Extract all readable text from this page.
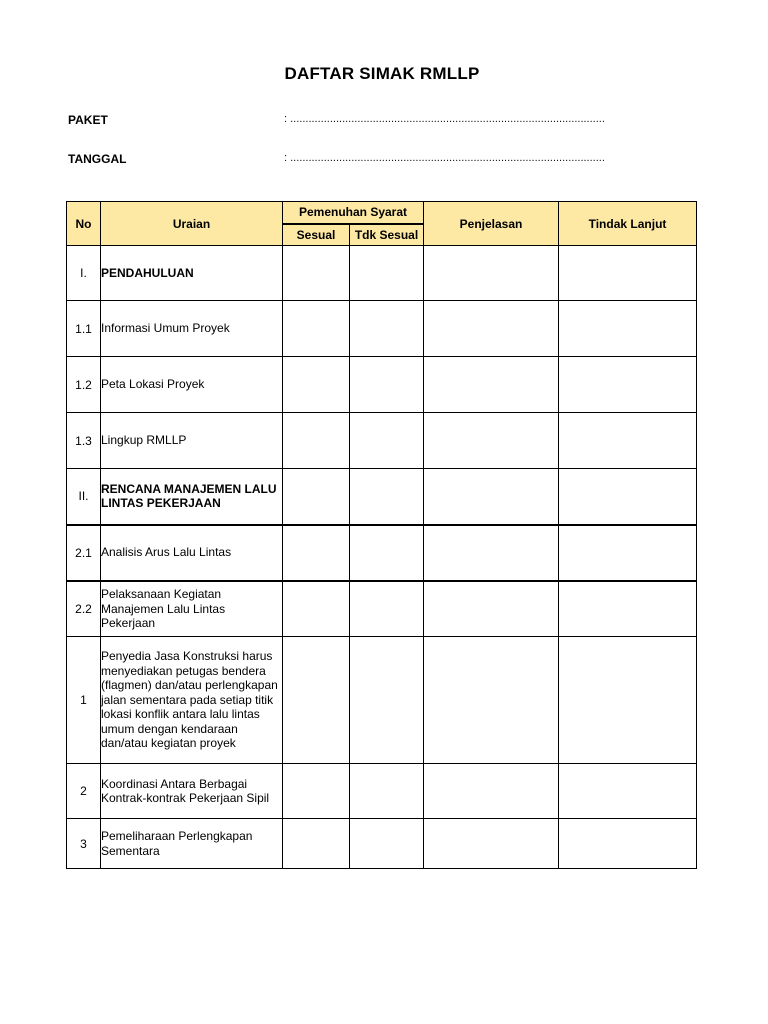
DAFTAR SIMAK RMLLP
PAKET	: .......................................................................................................
TANGGAL	: .......................................................................................................
No	Uraian	Pemenuhan Syarat		Penjelasan	Tindak Lanjut
		Sesual	Tdk Sesual		
I.	PENDAHULUAN				
1.1	Informasi Umum Proyek				
1.2	Peta Lokasi Proyek				
1.3	Lingkup RMLLP				
II.	RENCANA MANAJEMEN LALU LINTAS PEKERJAAN				
2.1	Analisis Arus Lalu Lintas				
2.2	Pelaksanaan Kegiatan Manajemen Lalu Lintas Pekerjaan				
1	Penyedia Jasa Konstruksi harus menyediakan petugas bendera (flagmen) dan/atau perlengkapan jalan sementara pada setiap titik lokasi konflik antara lalu lintas umum dengan kendaraan dan/atau kegiatan proyek				
2	Koordinasi Antara Berbagai Kontrak-kontrak Pekerjaan Sipil				
3	Pemeliharaan Perlengkapan Sementara				
